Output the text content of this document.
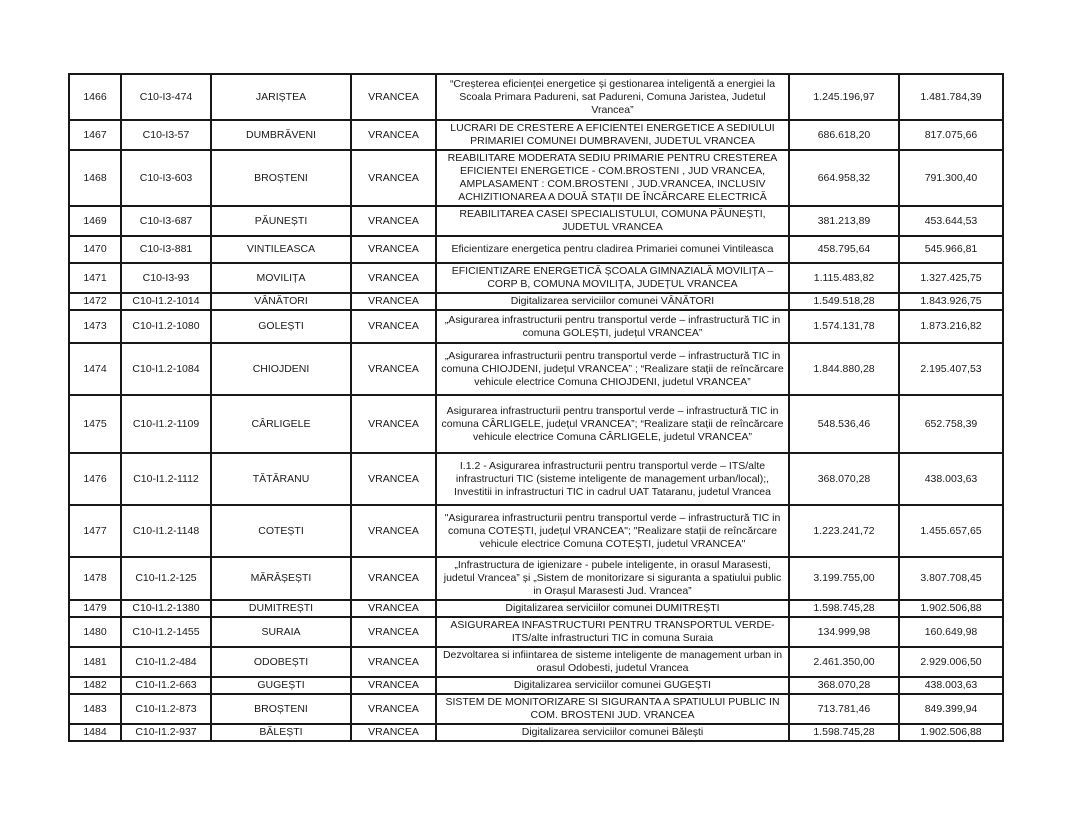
1466	C10-I3-474	JARIȘTEA	VRANCEA	“Creșterea eficienței energetice și gestionarea inteligentă a energiei la Scoala Primara Padureni, sat Padureni, Comuna Jaristea, Judetul Vrancea”	1.245.196,97	1.481.784,39
1467	C10-I3-57	DUMBRĂVENI	VRANCEA	LUCRARI DE CRESTERE A EFICIENTEI ENERGETICE A SEDIULUI PRIMARIEI COMUNEI DUMBRAVENI, JUDETUL VRANCEA	686.618,20	817.075,66
1468	C10-I3-603	BROȘTENI	VRANCEA	REABILITARE MODERATA SEDIU PRIMARIE PENTRU CRESTEREA EFICIENTEI ENERGETICE - COM.BROSTENI , JUD VRANCEA, AMPLASAMENT : COM.BROSTENI , JUD.VRANCEA, INCLUSIV ACHIZITIONAREA A DOUĂ STAȚII DE ÎNCĂRCARE ELECTRICĂ	664.958,32	791.300,40
1469	C10-I3-687	PĂUNEȘTI	VRANCEA	REABILITAREA CASEI SPECIALISTULUI, COMUNA PĂUNEȘTI, JUDETUL VRANCEA	381.213,89	453.644,53
1470	C10-I3-881	VINTILEASCA	VRANCEA	Eficientizare energetica pentru cladirea Primariei comunei Vintileasca	458.795,64	545.966,81
1471	C10-I3-93	MOVILIȚA	VRANCEA	EFICIENTIZARE ENERGETICĂ ȘCOALA GIMNAZIALĂ MOVILIȚA – CORP B, COMUNA MOVILIȚA, JUDEȚUL VRANCEA	1.115.483,82	1.327.425,75
1472	C10-I1.2-1014	VÂNĂTORI	VRANCEA	Digitalizarea serviciilor comunei VÂNĂTORI	1.549.518,28	1.843.926,75
1473	C10-I1.2-1080	GOLEȘTI	VRANCEA	„Asigurarea infrastructurii pentru transportul verde – infrastructură TIC in comuna GOLEȘTI, județul VRANCEA”	1.574.131,78	1.873.216,82
1474	C10-I1.2-1084	CHIOJDENI	VRANCEA	„Asigurarea infrastructurii pentru transportul verde – infrastructură TIC in comuna CHIOJDENI, județul VRANCEA” ; “Realizare stații de reîncărcare vehicule electrice Comuna CHIOJDENI, judetul VRANCEA”	1.844.880,28	2.195.407,53
1475	C10-I1.2-1109	CÂRLIGELE	VRANCEA	Asigurarea infrastructurii pentru transportul verde – infrastructură TIC in comuna CÂRLIGELE, județul VRANCEA”; “Realizare stații de reîncărcare vehicule electrice Comuna CÂRLIGELE, judetul VRANCEA”	548.536,46	652.758,39
1476	C10-I1.2-1112	TĂTĂRANU	VRANCEA	I.1.2 - Asigurarea infrastructurii pentru transportul verde – ITS/alte infrastructuri TIC (sisteme inteligente de management urban/local);, Investitii in infrastructuri TIC in cadrul UAT Tataranu, judetul Vrancea	368.070,28	438.003,63
1477	C10-I1.2-1148	COTEȘTI	VRANCEA	"Asigurarea infrastructurii pentru transportul verde – infrastructură TIC in comuna COTEȘTI, județul VRANCEA"; "Realizare stații de reîncărcare vehicule electrice Comuna COTEȘTI, judetul VRANCEA"	1.223.241,72	1.455.657,65
1478	C10-I1.2-125	MĂRĂȘEȘTI	VRANCEA	„Infrastructura de igienizare - pubele inteligente, in orasul Marasesti, judetul Vrancea” și „Sistem de monitorizare si siguranta a spatiului public in Orașul Marasesti Jud. Vrancea”	3.199.755,00	3.807.708,45
1479	C10-I1.2-1380	DUMITREȘTI	VRANCEA	Digitalizarea serviciilor comunei DUMITREȘTI	1.598.745,28	1.902.506,88
1480	C10-I1.2-1455	SURAIA	VRANCEA	ASIGURAREA INFASTRUCTURI PENTRU TRANSPORTUL VERDE- ITS/alte infrastructuri TIC in comuna Suraia	134.999,98	160.649,98
1481	C10-I1.2-484	ODOBEȘTI	VRANCEA	Dezvoltarea si infiintarea de sisteme inteligente de management urban in orasul Odobesti, judetul Vrancea	2.461.350,00	2.929.006,50
1482	C10-I1.2-663	GUGEȘTI	VRANCEA	Digitalizarea serviciilor comunei GUGEȘTI	368.070,28	438.003,63
1483	C10-I1.2-873	BROȘTENI	VRANCEA	SISTEM DE MONITORIZARE SI SIGURANTA A SPATIULUI PUBLIC IN COM. BROSTENI JUD. VRANCEA	713.781,46	849.399,94
1484	C10-I1.2-937	BĂLEȘTI	VRANCEA	Digitalizarea serviciilor comunei Bălești	1.598.745,28	1.902.506,88
